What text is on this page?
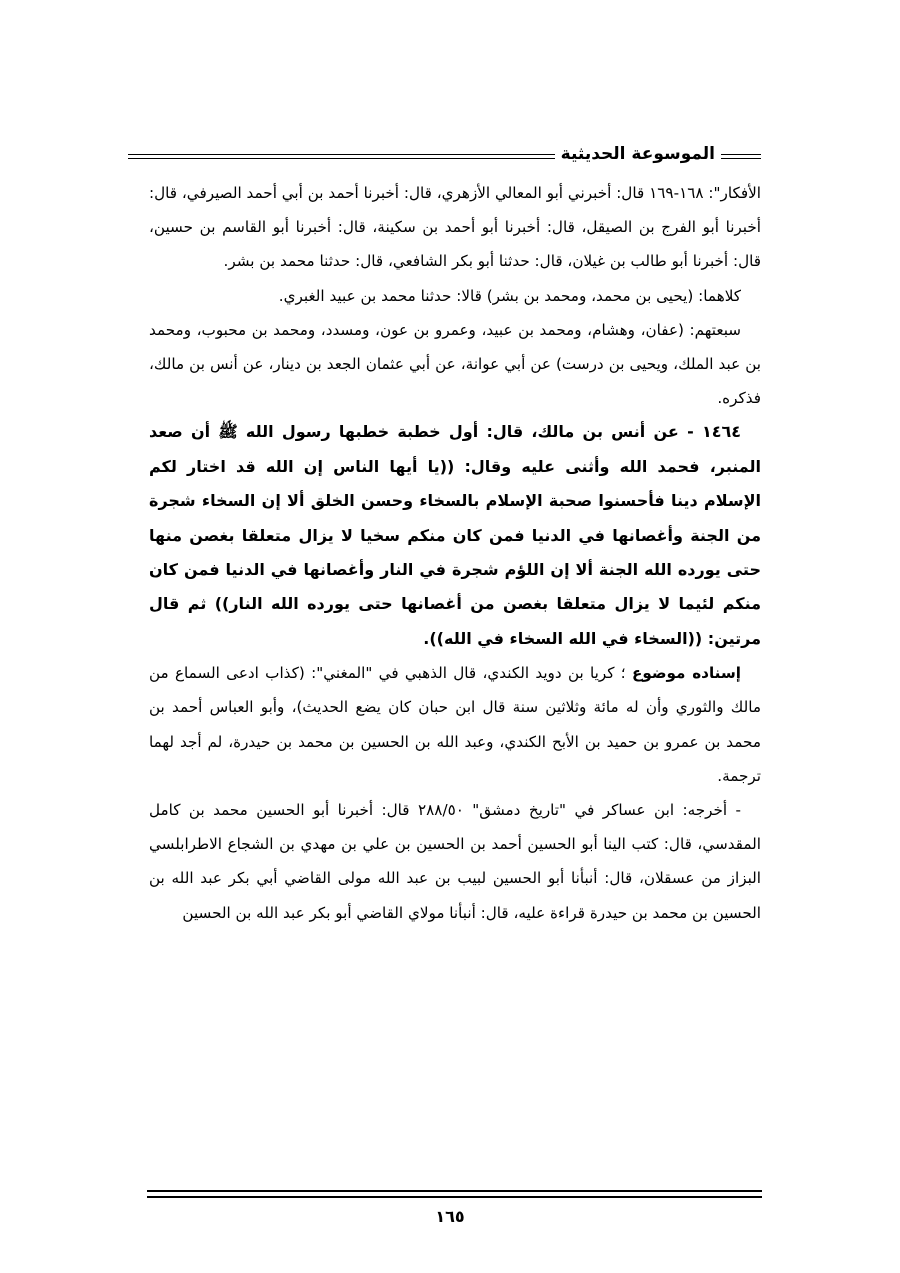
الموسوعة الحديثية

الأفكار": ١٦٨-١٦٩ قال: أخبرني أبو المعالي الأزهري، قال: أخبرنا أحمد بن أبي أحمد الصيرفي، قال: أخبرنا أبو الفرج بن الصيقل، قال: أخبرنا أبو أحمد بن سكينة، قال: أخبرنا أبو القاسم بن حسين، قال: أخبرنا أبو طالب بن غيلان، قال: حدثنا أبو بكر الشافعي، قال: حدثنا محمد بن بشر.

كلاهما: (يحيى بن محمد، ومحمد بن بشر) قالا: حدثنا محمد بن عبيد الغبري.

سبعتهم: (عفان، وهشام، ومحمد بن عبيد، وعمرو بن عون، ومسدد، ومحمد بن محبوب، ومحمد بن عبد الملك، ويحيى بن درست) عن أبي عوانة، عن أبي عثمان الجعد بن دينار، عن أنس بن مالك، فذكره.

١٤٦٤ - عن أنس بن مالك، قال: أول خطبة خطبها رسول الله ﷺ أن صعد المنبر، فحمد الله وأثنى عليه وقال: ((يا أيها الناس إن الله قد اختار لكم الإسلام دينا فأحسنوا صحبة الإسلام بالسخاء وحسن الخلق ألا إن السخاء شجرة من الجنة وأغصانها في الدنيا فمن كان منكم سخيا لا يزال متعلقا بغصن منها حتى يورده الله الجنة ألا إن اللؤم شجرة في النار وأغصانها في الدنيا فمن كان منكم لئيما لا يزال متعلقا بغصن من أغصانها حتى يورده الله النار)) ثم قال مرتين: ((السخاء في الله السخاء في الله)).

إسناده موضوع ؛ كريا بن دويد الكندي، قال الذهبي في "المغني": (كذاب ادعى السماع من مالك والثوري وأن له مائة وثلاثين سنة قال ابن حبان كان يضع الحديث)، وأبو العباس أحمد بن محمد بن عمرو بن حميد بن الأبح الكندي، وعبد الله بن الحسين بن محمد بن حيدرة، لم أجد لهما ترجمة.

- أخرجه: ابن عساكر في "تاريخ دمشق" ٢٨٨/٥٠ قال: أخبرنا أبو الحسين محمد بن كامل المقدسي، قال: كتب الينا أبو الحسين أحمد بن الحسين بن علي بن مهدي بن الشجاع الاطرابلسي البزاز من عسقلان، قال: أنبأنا أبو الحسين لبيب بن عبد الله مولى القاضي أبي بكر عبد الله بن الحسين بن محمد بن حيدرة قراءة عليه، قال: أنبأنا مولاي القاضي أبو بكر عبد الله بن الحسين

١٦٥
